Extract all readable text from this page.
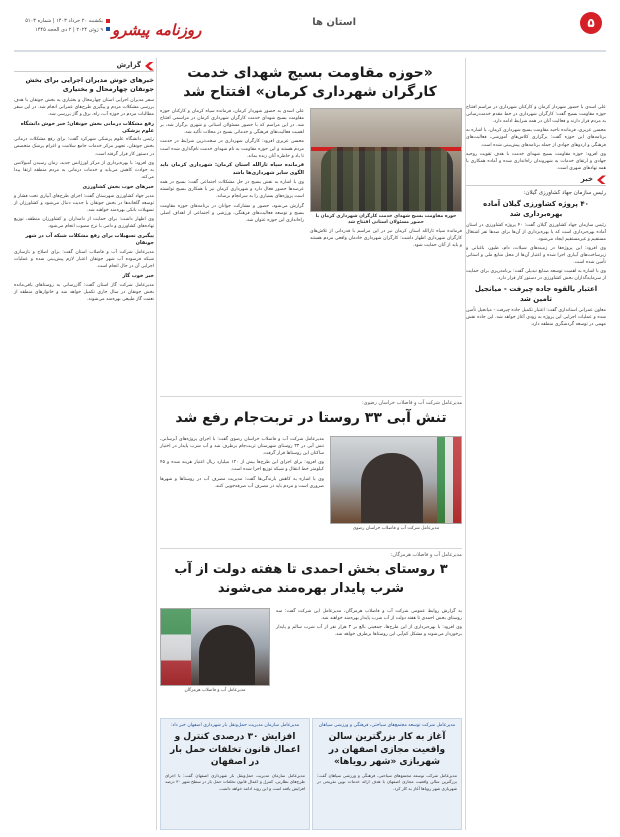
۵
استان ها
روزنامه پیشرو
یکشنبه ۲۰ خرداد ۱۴۰۳ | شماره ۵۱۰۳
۹ ژوئن ۲۰۲۴ | ۲ ذی الحجه ۱۴۴۵
«حوزه مقاومت بسیج شهدای خدمت کارگران شهرداری کرمان» افتتاح شد

علی اسدی با حضور شهردار کرمان و کارکنان شهرداری در مراسم افتتاح حوزه مقاومت بسیج گفت: کارگران شهرداری در خط مقدم خدمت‌رسانی به مردم قرار دارند و فعالیت آنان در همه شرایط ادامه دارد.

محسن عزیزی، فرمانده ناحیه مقاومت بسیج شهرداری کرمان، با اشاره به برنامه‌های این حوزه گفت: برگزاری کلاس‌های آموزشی، فعالیت‌های فرهنگی و اردوهای جهادی از جمله برنامه‌های پیش‌بینی شده است.

وی افزود: حوزه مقاومت بسیج شهدای خدمت با هدف تقویت روحیه جهادی و ارتقای خدمات به شهروندان راه‌اندازی شده و آماده همکاری با همه نهادهای شهری است.

خبر
رئیس سازمان جهاد کشاورزی گیلان:
۴۰ پروژه کشاورزی گیلان آماده بهره‌برداری شد

رئیس سازمان جهاد کشاورزی گیلان گفت: ۴۰ پروژه کشاورزی در استان آماده بهره‌برداری است که با بهره‌برداری از آن‌ها برای صدها نفر اشتغال مستقیم و غیرمستقیم ایجاد می‌شود.

وی افزود: این پروژه‌ها در زمینه‌های شیلات، دام، طیور، باغبانی و زیرساخت‌های آبیاری اجرا شده و اعتبار آن‌ها از محل منابع ملی و استانی تأمین شده است.

وی با اشاره به اهمیت توسعه صنایع تبدیلی گفت: برنامه‌ریزی برای حمایت از سرمایه‌گذاران بخش کشاورزی در دستور کار قرار دارد.

اعتبار بالقوه جاده چیرفت - میانجیل تامین شد

معاون عمرانی استانداری گفت: اعتبار تکمیل جاده چیرفت - میانجیل تأمین شده و عملیات اجرایی این پروژه به زودی آغاز خواهد شد. این جاده نقش مهمی در توسعه گردشگری منطقه دارد.

گزارش
خبرهای خوش مدیران اجرایی برای بخش جونقان چهارمحال و بختیاری

سفر مدیران اجرایی استان چهارمحال و بختیاری به بخش جونقان با هدف بررسی مشکلات مردم و پیگیری طرح‌های عمرانی انجام شد. در این سفر مطالبات مردم در حوزه آب، راه، برق و گاز بررسی شد.

رفع مشکلات درمانی بخش جونقان؛ خبر خوش دانشگاه علوم پزشکی

رئیس دانشگاه علوم پزشکی شهرکرد گفت: برای رفع مشکلات درمانی بخش جونقان، تجهیز مرکز خدمات جامع سلامت و اعزام پزشک متخصص در دستور کار قرار گرفته است.

وی افزود: با بهره‌برداری از مرکز اورژانس جدید، زمان رسیدن آمبولانس به حوادث کاهش می‌یابد و خدمات درمانی به مردم منطقه ارتقا پیدا می‌کند.

خبرهای خوب بخش کشاورزی

مدیر جهاد کشاورزی شهرستان گفت: اجرای طرح‌های آبیاری تحت فشار و توسعه گلخانه‌ها در بخش جونقان با جدیت دنبال می‌شود و کشاورزان از تسهیلات بانکی بهره‌مند خواهند شد.

وی اظهار داشت: برای حمایت از دامداران و کشاورزان منطقه، توزیع نهاده‌های کشاورزی و دامی با نرخ مصوب انجام می‌شود.

پیگیری تسهیلات برای رفع مشکلات شبکه آب در شهر جونقان

مدیرعامل شرکت آب و فاضلاب استان گفت: برای اصلاح و بازسازی شبکه فرسوده آب شهر جونقان اعتبار لازم پیش‌بینی شده و عملیات اجرایی آن در حال انجام است.

خبر خوب گاز

مدیرعامل شرکت گاز استان گفت: گازرسانی به روستاهای باقی‌مانده بخش جونقان در سال جاری تکمیل خواهد شد و خانوارهای منطقه از نعمت گاز طبیعی بهره‌مند می‌شوند.

حوزه مقاومت بسیج شهدای خدمت کارگران شهرداری کرمان با حضور مسئولان استانی افتتاح شد

علی اسدی به حضور شهردار کرمان، فرمانده سپاه کرمان و کارکنان حوزه مقاومت بسیج شهدای خدمت کارگران شهرداری کرمان در مراسمی افتتاح شد. در این مراسم که با حضور مسئولان استانی و شهری برگزار شد، بر اهمیت فعالیت‌های فرهنگی و خدماتی بسیج در محلات تأکید شد.

محسن عزیزی افزود: کارگران شهرداری در سخت‌ترین شرایط در خدمت مردم هستند و این حوزه مقاومت به نام شهدای خدمت نام‌گذاری شده است تا یاد و خاطره آنان زنده بماند.

فرمانده سپاه ثارالله استان کرمان: شهرداری کرمان باید الگوی سایر شهرداری‌ها باشد

وی با اشاره به نقش بسیج در حل مشکلات اجتماعی گفت: بسیج در همه عرصه‌ها حضور فعال دارد و شهرداری کرمان نیز با همکاری بسیج توانسته است پروژه‌های بسیاری را به سرانجام برساند.

گزارش می‌شود، حضور و مشارکت جوانان در برنامه‌های حوزه مقاومت بسیج و توسعه فعالیت‌های فرهنگی، ورزشی و اجتماعی از اهداف اصلی راه‌اندازی این حوزه عنوان شد.

فرمانده سپاه ثارالله استان کرمان نیز در این مراسم با قدردانی از تلاش‌های کارگران شهرداری اظهار داشت: کارگران شهرداری خادمان واقعی مردم هستند و باید از آنان حمایت شود.

مدیرعامل شرکت آب و فاضلاب خراسان رضوی:
تنش آبی ۳۳ روستا در تربت‌جام رفع شد
مدیرعامل شرکت آب و فاضلاب خراسان رضوی

مدیرعامل شرکت آب و فاضلاب خراسان رضوی گفت: با اجرای پروژه‌های آبرسانی، تنش آبی در ۳۳ روستای شهرستان تربت‌جام برطرف شد و آب شرب پایدار در اختیار ساکنان این روستاها قرار گرفت.

وی افزود: برای اجرای این طرح‌ها بیش از ۱۲۰ میلیارد ریال اعتبار هزینه شده و ۴۵ کیلومتر خط انتقال و شبکه توزیع اجرا شده است.

وی با اشاره به کاهش بارندگی‌ها گفت: مدیریت مصرف آب در روستاها و شهرها ضروری است و مردم باید در مصرف آب صرفه‌جویی کنند.

مدیرعامل آب و فاضلاب هرمزگان:
۳ روستای بخش احمدی تا هفته دولت از آب شرب پایدار بهره‌مند می‌شوند
مدیرعامل آب و فاضلاب هرمزگان

به گزارش روابط عمومی شرکت آب و فاضلاب هرمزگان، مدیرعامل این شرکت گفت: سه روستای بخش احمدی تا هفته دولت از آب شرب پایدار بهره‌مند خواهند شد.

وی افزود: با بهره‌برداری از این طرح‌ها، جمعیتی بالغ بر ۳ هزار نفر از آب شرب سالم و پایدار برخوردار می‌شوند و مشکل کم‌آبی این روستاها برطرف خواهد شد.

مدیرعامل شرکت توسعه مجتمع‌های سیاحتی، فرهنگی و ورزشی سپاهان
آغاز به کار بزرگترین سالن واقعیت مجازی اصفهان در شهربازی «شهر رویاها»

مدیرعامل شرکت توسعه مجتمع‌های سیاحتی، فرهنگی و ورزشی سپاهان گفت: بزرگترین سالن واقعیت مجازی اصفهان با هدف ارائه خدمات نوین تفریحی در شهربازی شهر رویاها آغاز به کار کرد.

مدیرعامل سازمان مدیریت حمل‌ونقل بار شهرداری اصفهان خبر داد:
افزایش ۳۰ درصدی کنترل و اعمال قانون تخلفات حمل بار در اصفهان

مدیرعامل سازمان مدیریت حمل‌ونقل بار شهرداری اصفهان گفت: با اجرای طرح‌های نظارتی، کنترل و اعمال قانون تخلفات حمل بار در سطح شهر ۳۰ درصد افزایش یافته است و این روند ادامه خواهد داشت.
